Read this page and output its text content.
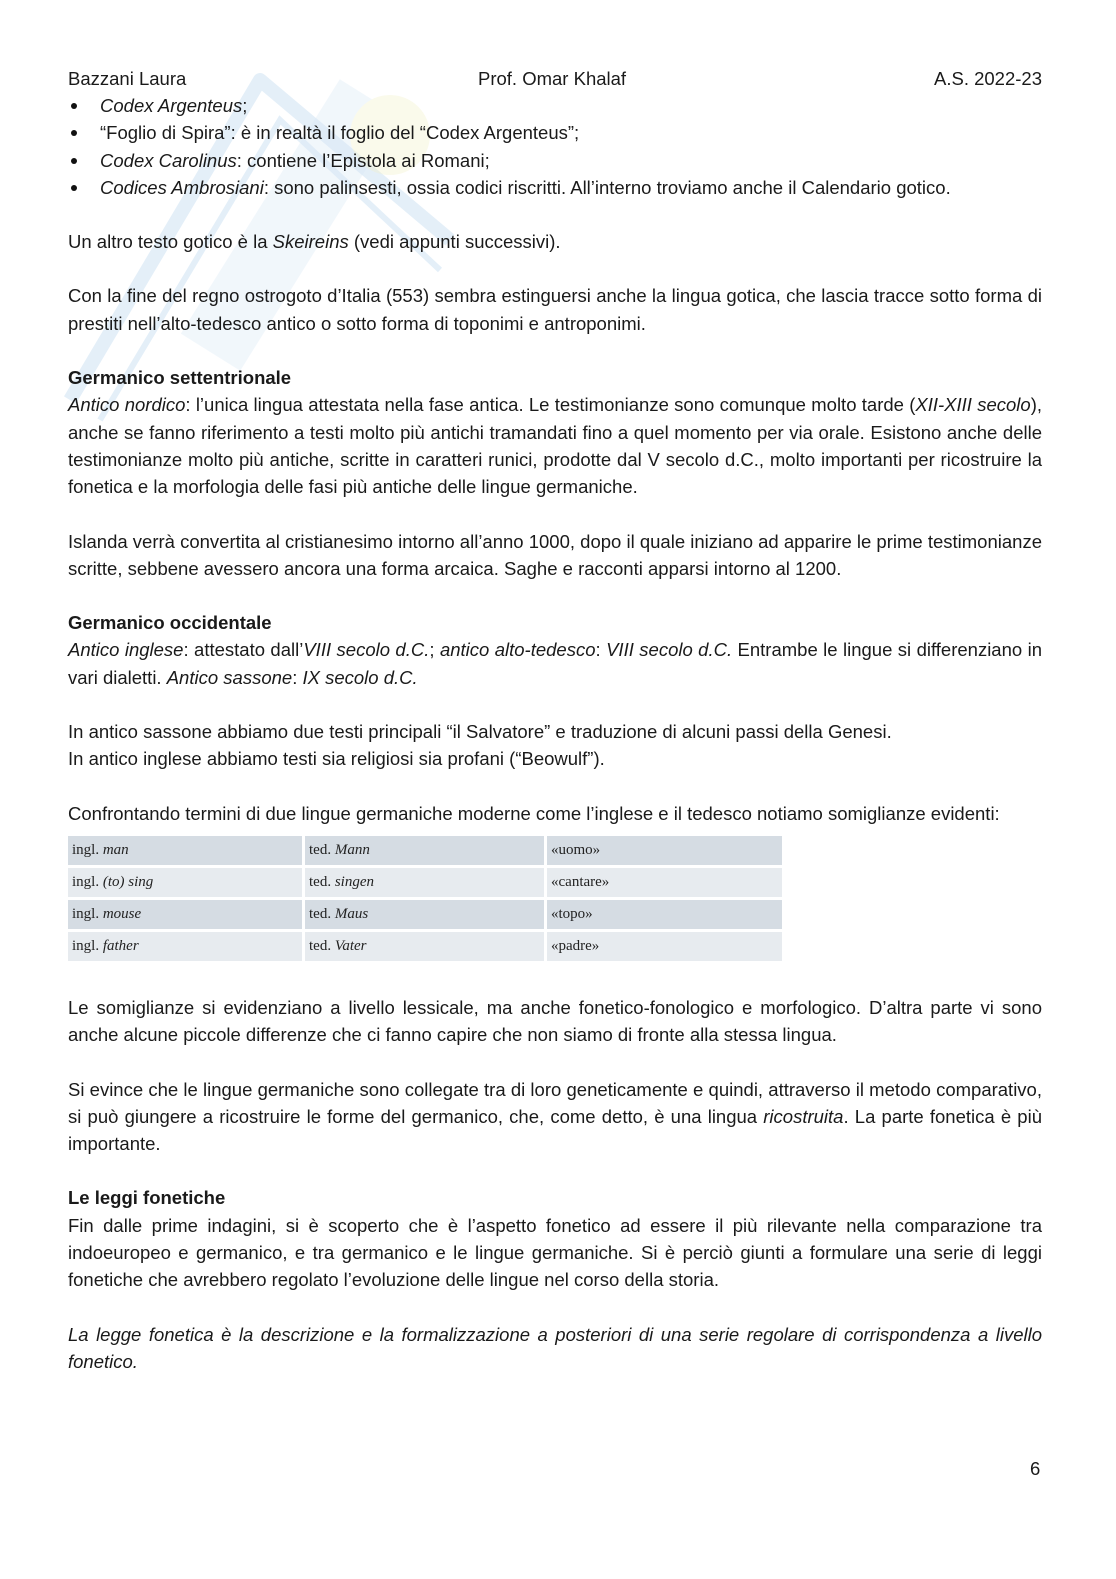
Bazzani Laura	Prof. Omar Khalaf	A.S. 2022-23
Codex Argenteus;
“Foglio di Spira”: è in realtà il foglio del “Codex Argenteus”;
Codex Carolinus: contiene l’Epistola ai Romani;
Codices Ambrosiani: sono palinsesti, ossia codici riscritti. All’interno troviamo anche il Calendario gotico.

Un altro testo gotico è la Skeireins (vedi appunti successivi).

Con la fine del regno ostrogoto d’Italia (553) sembra estinguersi anche la lingua gotica, che lascia tracce sotto forma di prestiti nell’alto-tedesco antico o sotto forma di toponimi e antroponimi.

Germanico settentrionale

Antico nordico: l’unica lingua attestata nella fase antica. Le testimonianze sono comunque molto tarde (XII-XIII secolo), anche se fanno riferimento a testi molto più antichi tramandati fino a quel momento per via orale. Esistono anche delle testimonianze molto più antiche, scritte in caratteri runici, prodotte dal V secolo d.C., molto importanti per ricostruire la fonetica e la morfologia delle fasi più antiche delle lingue germaniche.

Islanda verrà convertita al cristianesimo intorno all’anno 1000, dopo il quale iniziano ad apparire le prime testimonianze scritte, sebbene avessero ancora una forma arcaica. Saghe e racconti apparsi intorno al 1200.

Germanico occidentale

Antico inglese: attestato dall’VIII secolo d.C.; antico alto-tedesco: VIII secolo d.C. Entrambe le lingue si differenziano in vari dialetti. Antico sassone: IX secolo d.C.

In antico sassone abbiamo due testi principali “il Salvatore” e traduzione di alcuni passi della Genesi.

In antico inglese abbiamo testi sia religiosi sia profani (“Beowulf”).

Confrontando termini di due lingue germaniche moderne come l’inglese e il tedesco notiamo somiglianze evidenti:

ingl. man	ted. Mann	«uomo»
ingl. (to) sing	ted. singen	«cantare»
ingl. mouse	ted. Maus	«topo»
ingl. father	ted. Vater	«padre»

Le somiglianze si evidenziano a livello lessicale, ma anche fonetico-fonologico e morfologico. D’altra parte vi sono anche alcune piccole differenze che ci fanno capire che non siamo di fronte alla stessa lingua.

Si evince che le lingue germaniche sono collegate tra di loro geneticamente e quindi, attraverso il metodo comparativo, si può giungere a ricostruire le forme del germanico, che, come detto, è una lingua ricostruita. La parte fonetica è più importante.

Le leggi fonetiche

Fin dalle prime indagini, si è scoperto che è l’aspetto fonetico ad essere il più rilevante nella comparazione tra indoeuropeo e germanico, e tra germanico e le lingue germaniche. Si è perciò giunti a formulare una serie di leggi fonetiche che avrebbero regolato l’evoluzione delle lingue nel corso della storia.

La legge fonetica è la descrizione e la formalizzazione a posteriori di una serie regolare di corrispondenza a livello fonetico.

6
